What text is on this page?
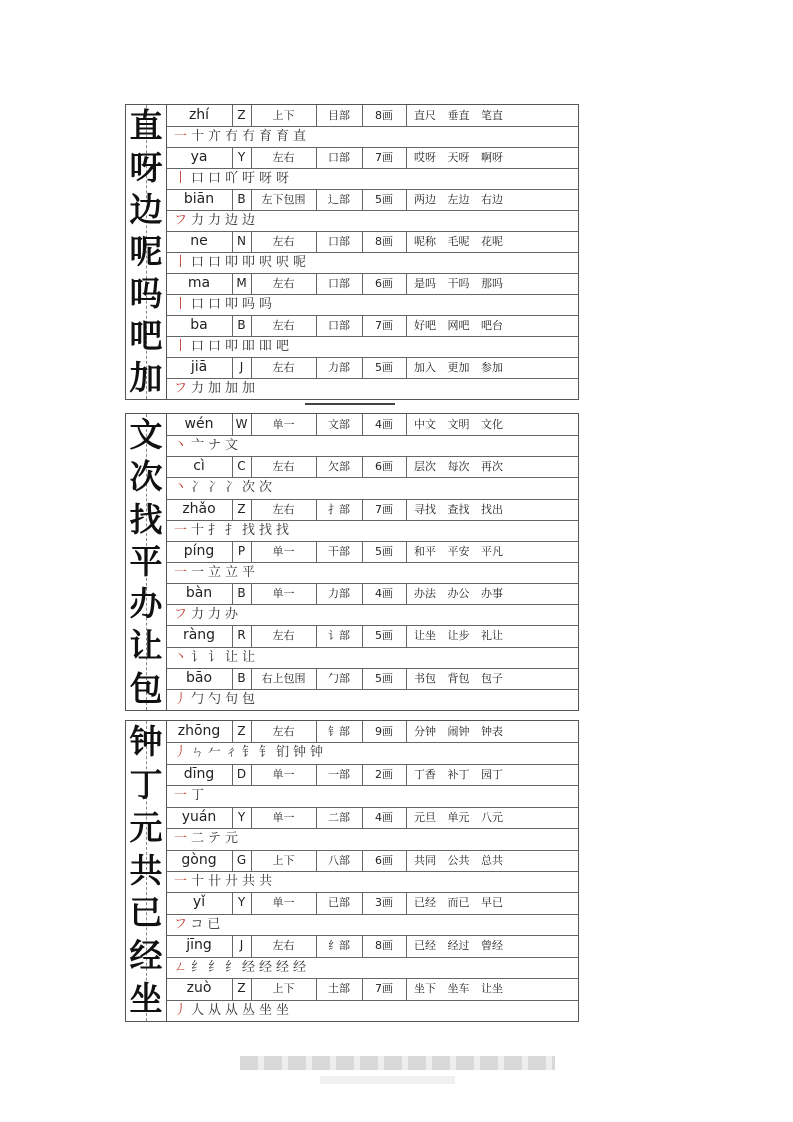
直
呀
边
呢
吗
吧
加
zhí	Z	上下	目部	8画	直尺 垂直 笔直
一十亣冇冇育育直
ya	Y	左右	口部	7画	哎呀 天呀 啊呀
丨口口吖吁呀呀
biān	B	左下包围	辶部	5画	两边 左边 右边
フ力力边边
ne	N	左右	口部	8画	呢称 毛呢 花呢
丨口口叩叩呎呎呢
ma	M	左右	口部	6画	是吗 干吗 那吗
丨口口叩吗吗
ba	B	左右	口部	7画	好吧 网吧 吧台
丨口口叩吅吅吧
jiā	J	左右	力部	5画	加入 更加 参加
フ力加加加
文
次
找
平
办
让
包
wén	W	单一	文部	4画	中文 文明 文化
丶亠ナ文
cì	C	左右	欠部	6画	层次 每次 再次
丶冫冫冫次次
zhǎo	Z	左右	扌部	7画	寻找 查找 找出
一十扌扌找找找
píng	P	单一	干部	5画	和平 平安 平凡
一一立立平
bàn	B	单一	力部	4画	办法 办公 办事
フ力力办
ràng	R	左右	讠部	5画	让坐 让步 礼让
丶讠讠让让
bāo	B	右上包围	勹部	5画	书包 背包 包子
丿勹勺句包
钟
丁
元
共
已
经
坐
zhōng	Z	左右	钅部	9画	分钟 闹钟 钟表
丿ㄣ𠂉ㄔ钅钅钔钟钟
dīng	D	单一	一部	2画	丁香 补丁 园丁
一丁
yuán	Y	单一	二部	4画	元旦 单元 八元
一二テ元
gòng	G	上下	八部	6画	共同 公共 总共
一十卄廾共共
yǐ	Y	单一	已部	3画	已经 而已 早已
フコ已
jīng	J	左右	纟部	8画	已经 经过 曾经
ㄥ纟纟纟经经经经
zuò	Z	上下	土部	7画	坐下 坐车 让坐
丿人从从丛坐坐
